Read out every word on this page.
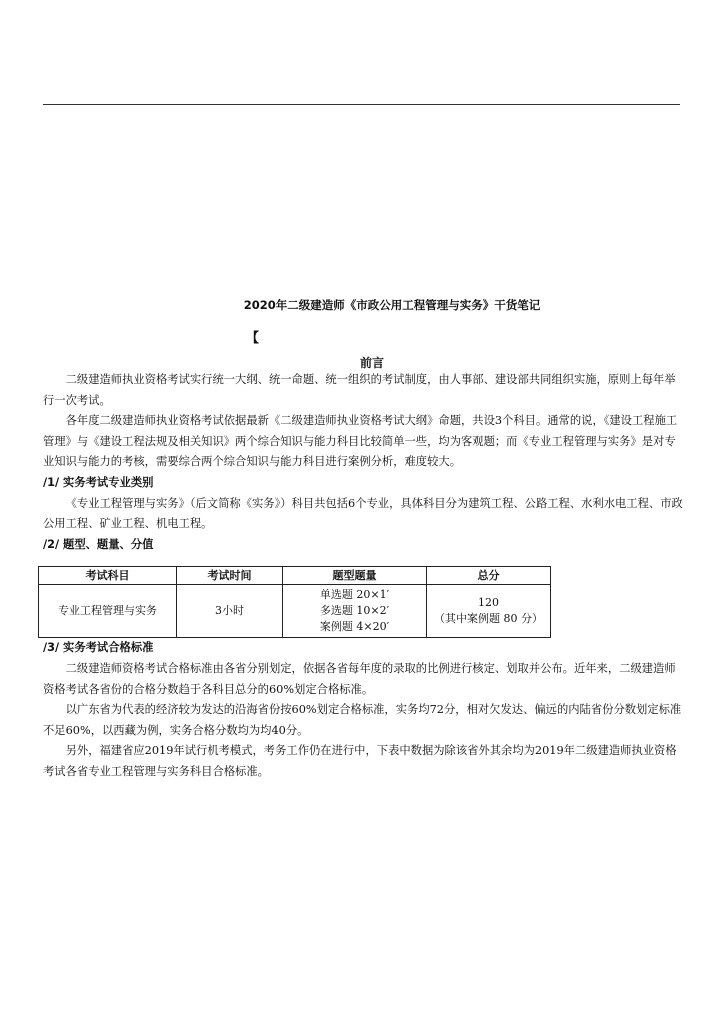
2020年二级建造师《市政公用工程管理与实务》干货笔记
【
前言

二级建造师执业资格考试实行统一大纲、统一命题、统一组织的考试制度，由人事部、建设部共同组织实施，原则上每年举行一次考试。

各年度二级建造师执业资格考试依据最新《二级建造师执业资格考试大纲》命题，共设3个科目。通常的说，《建设工程施工管理》与《建设工程法规及相关知识》两个综合知识与能力科目比较简单一些，均为客观题；而《专业工程管理与实务》是对专业知识与能力的考核，需要综合两个综合知识与能力科目进行案例分析，难度较大。

/1/ 实务考试专业类别

《专业工程管理与实务》（后文简称《实务》）科目共包括6个专业，具体科目分为建筑工程、公路工程、水利水电工程、市政公用工程、矿业工程、机电工程。

/2/ 题型、题量、分值
考试科目	考试时间	题型题量	总分
专业工程管理与实务	3小时	单选题 20×1′
多选题 10×2′
案例题 4×20′	120
（其中案例题 80 分）
/3/ 实务考试合格标准

二级建造师资格考试合格标准由各省分别划定，依据各省每年度的录取的比例进行核定、划取并公布。近年来，二级建造师资格考试各省份的合格分数趋于各科目总分的60%划定合格标准。

以广东省为代表的经济较为发达的沿海省份按60%划定合格标准，实务均72分，相对欠发达、偏远的内陆省份分数划定标准不足60%，以西藏为例，实务合格分数均为均40分。

另外，福建省应2019年试行机考模式，考务工作仍在进行中，下表中数据为除该省外其余均为2019年二级建造师执业资格考试各省专业工程管理与实务科目合格标准。
